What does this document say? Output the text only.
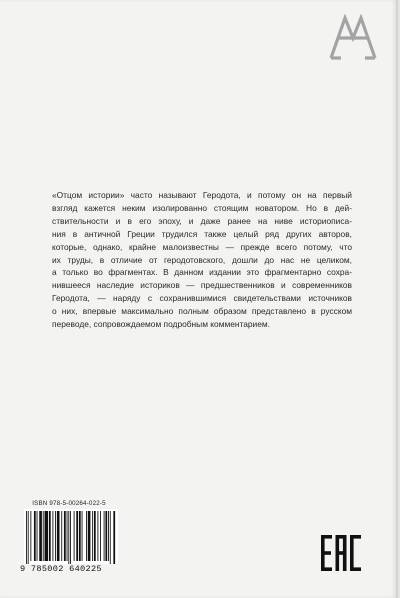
«Отцом истории» часто называют Геродота, и потому он на первый
взгляд кажется неким изолированно стоящим новатором. Но в дей-
ствительности и в его эпоху, и даже ранее на ниве историописа-
ния в античной Греции трудился также целый ряд других авторов,
которые, однако, крайне малоизвестны — прежде всего потому, что
их труды, в отличие от геродотовского, дошли до нас не целиком,
а только во фрагментах. В данном издании это фрагментарно сохра-
нившееся наследие историков — предшественников и современников
Геродота, — наряду с сохранившимися свидетельствами источников
о них, впервые максимально полным образом представлено в русском
переводе, сопровождаемом подробным комментарием.

ISBN 978-5-00264-022-5
9 785002 640225
